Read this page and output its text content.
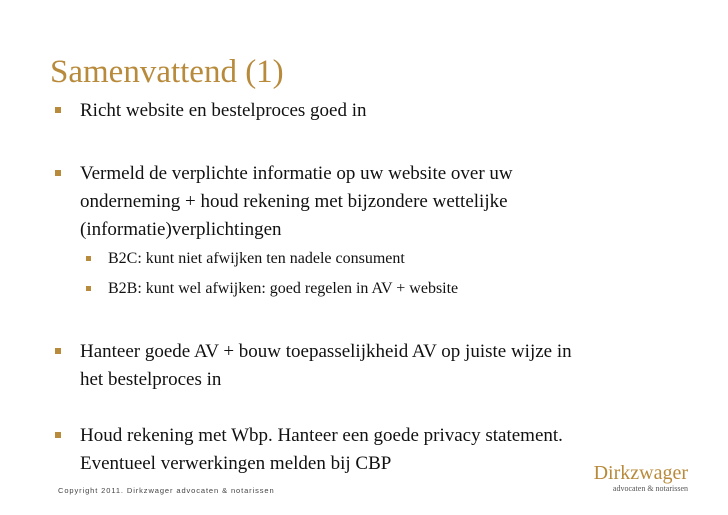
Samenvattend (1)
Richt website en bestelproces goed in
Vermeld de verplichte informatie op uw website over uw
onderneming + houd rekening met bijzondere wettelijke
(informatie)verplichtingen
B2C: kunt niet afwijken ten nadele consument
B2B: kunt wel afwijken: goed regelen in AV + website
Hanteer goede AV + bouw toepasselijkheid AV op juiste wijze in
het bestelproces in
Houd rekening met Wbp. Hanteer een goede privacy statement.
Eventueel verwerkingen melden bij CBP
Copyright 2011. Dirkzwager advocaten & notarissen
Dirkzwager
advocaten & notarissen
